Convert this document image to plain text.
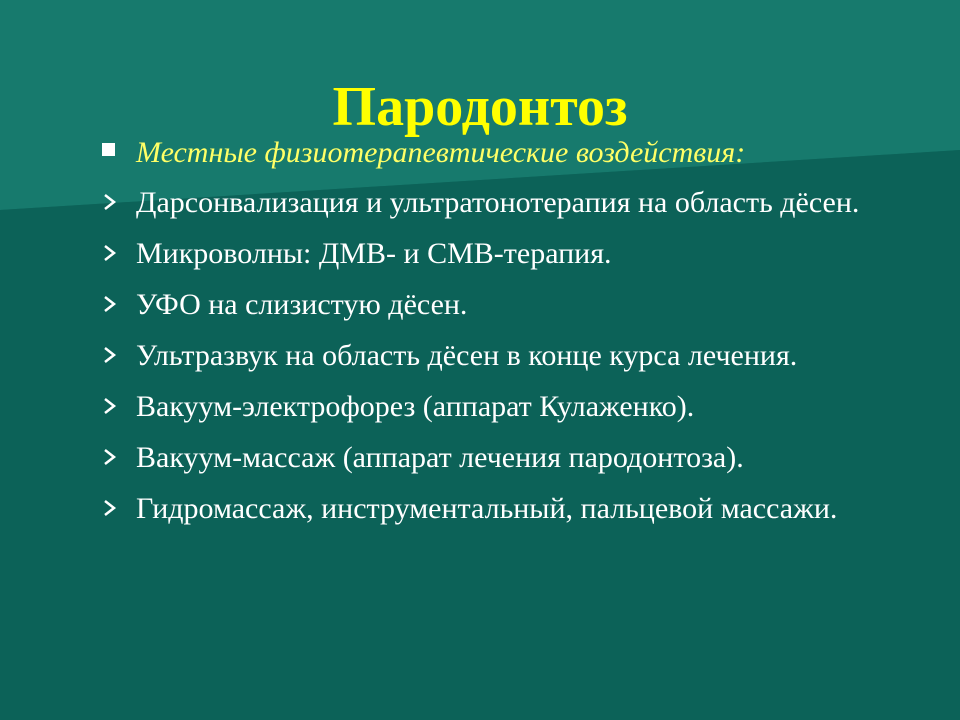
Пародонтоз
Местные физиотерапевтические воздействия:
Дарсонвализация и ультратонотерапия на область дёсен.
Микроволны: ДМВ- и СМВ-терапия.
УФО на слизистую дёсен.
Ультразвук на область дёсен в конце курса лечения.
Вакуум-электрофорез (аппарат Кулаженко).
Вакуум-массаж (аппарат лечения пародонтоза).
Гидромассаж, инструментальный, пальцевой массажи.
